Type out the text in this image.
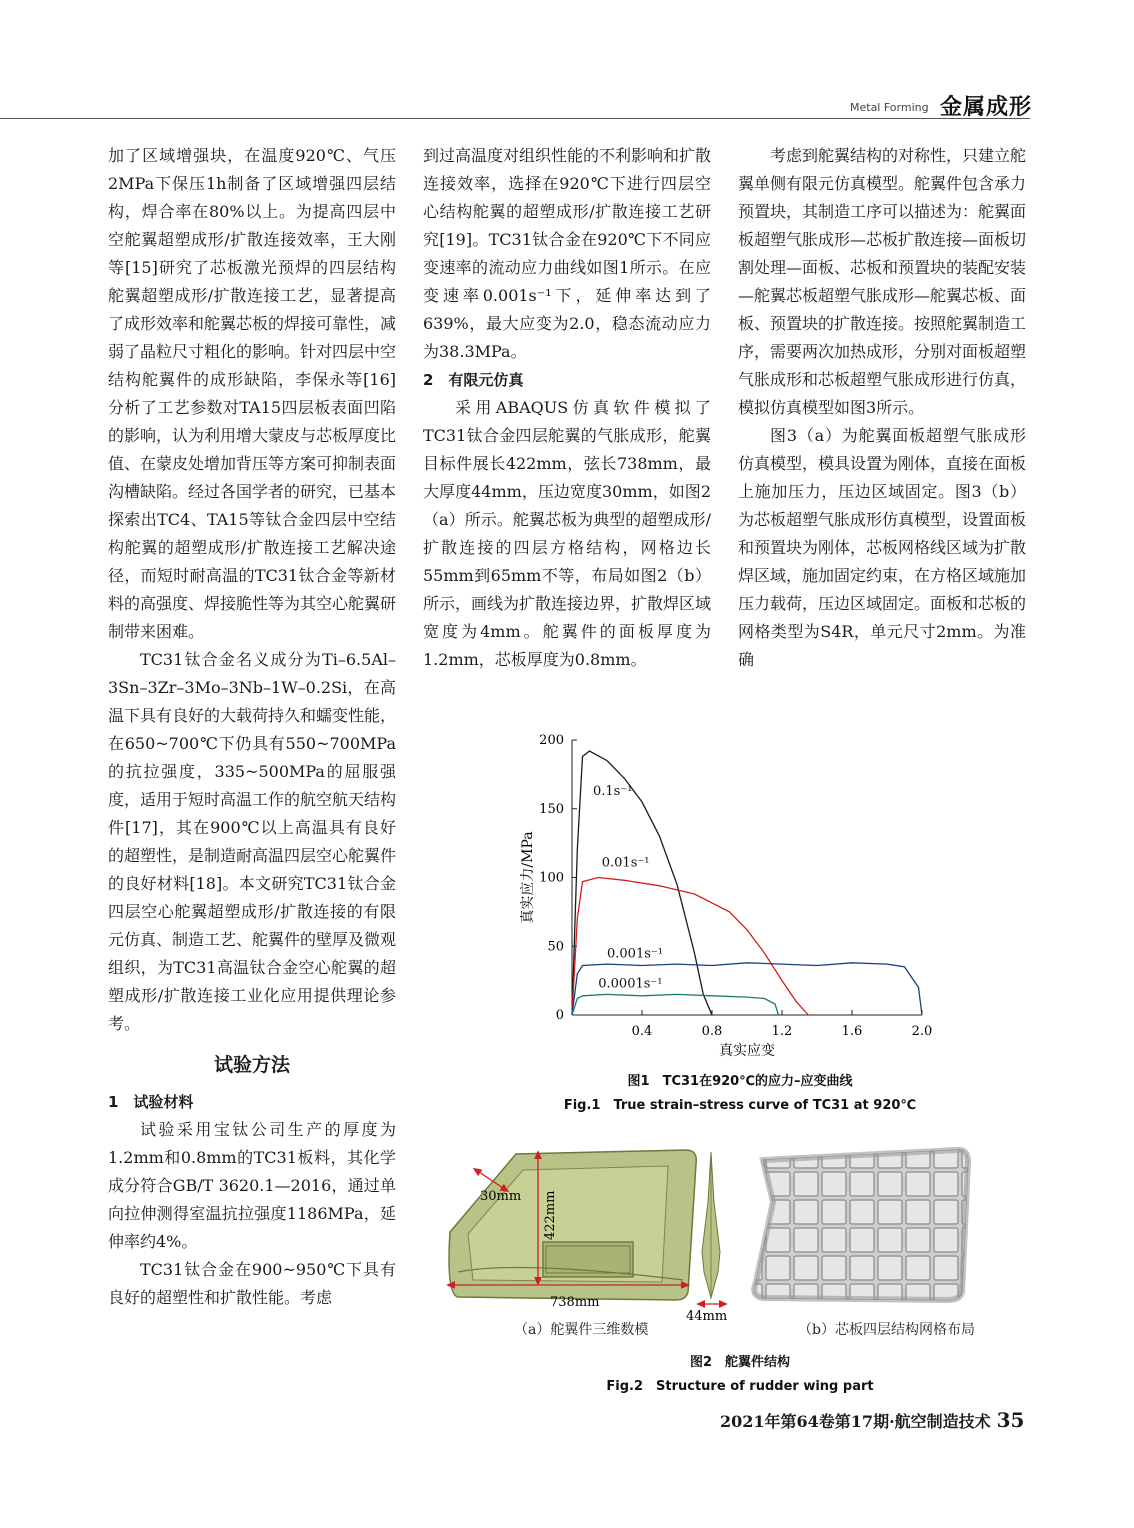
Metal Forming 金属成形

加了区域增强块，在温度920℃、气压2MPa下保压1h制备了区域增强四层结构，焊合率在80%以上。为提高四层中空舵翼超塑成形/扩散连接效率，王大刚等[15]研究了芯板激光预焊的四层结构舵翼超塑成形/扩散连接工艺，显著提高了成形效率和舵翼芯板的焊接可靠性，减弱了晶粒尺寸粗化的影响。针对四层中空结构舵翼件的成形缺陷，李保永等[16]分析了工艺参数对TA15四层板表面凹陷的影响，认为利用增大蒙皮与芯板厚度比值、在蒙皮处增加背压等方案可抑制表面沟槽缺陷。经过各国学者的研究，已基本探索出TC4、TA15等钛合金四层中空结构舵翼的超塑成形/扩散连接工艺解决途径，而短时耐高温的TC31钛合金等新材料的高强度、焊接脆性等为其空心舵翼研制带来困难。

TC31钛合金名义成分为Ti–6.5Al–3Sn–3Zr–3Mo–3Nb–1W–0.2Si，在高温下具有良好的大载荷持久和蠕变性能，在650~700℃下仍具有550~700MPa的抗拉强度，335~500MPa的屈服强度，适用于短时高温工作的航空航天结构件[17]，其在900℃以上高温具有良好的超塑性，是制造耐高温四层空心舵翼件的良好材料[18]。本文研究TC31钛合金四层空心舵翼超塑成形/扩散连接的有限元仿真、制造工艺、舵翼件的壁厚及微观组织，为TC31高温钛合金空心舵翼的超塑成形/扩散连接工业化应用提供理论参考。

试验方法
1　试验材料

试验采用宝钛公司生产的厚度为1.2mm和0.8mm的TC31板料，其化学成分符合GB/T 3620.1—2016，通过单向拉伸测得室温抗拉强度1186MPa，延伸率约4%。

TC31钛合金在900~950℃下具有良好的超塑性和扩散性能。考虑

到过高温度对组织性能的不利影响和扩散连接效率，选择在920℃下进行四层空心结构舵翼的超塑成形/扩散连接工艺研究[19]。TC31钛合金在920℃下不同应变速率的流动应力曲线如图1所示。在应变速率0.001s⁻¹下，延伸率达到了639%，最大应变为2.0，稳态流动应力为38.3MPa。

2　有限元仿真

采用ABAQUS仿真软件模拟了TC31钛合金四层舵翼的气胀成形，舵翼目标件展长422mm，弦长738mm，最大厚度44mm，压边宽度30mm，如图2（a）所示。舵翼芯板为典型的超塑成形/扩散连接的四层方格结构，网格边长55mm到65mm不等，布局如图2（b）所示，画线为扩散连接边界，扩散焊区域宽度为4mm。舵翼件的面板厚度为1.2mm，芯板厚度为0.8mm。

考虑到舵翼结构的对称性，只建立舵翼单侧有限元仿真模型。舵翼件包含承力预置块，其制造工序可以描述为：舵翼面板超塑气胀成形—芯板扩散连接—面板切割处理—面板、芯板和预置块的装配安装—舵翼芯板超塑气胀成形—舵翼芯板、面板、预置块的扩散连接。按照舵翼制造工序，需要两次加热成形，分别对面板超塑气胀成形和芯板超塑气胀成形进行仿真，模拟仿真模型如图3所示。

图3（a）为舵翼面板超塑气胀成形仿真模型，模具设置为刚体，直接在面板上施加压力，压边区域固定。图3（b）为芯板超塑气胀成形仿真模型，设置面板和预置块为刚体，芯板网格线区域为扩散焊区域，施加固定约束，在方格区域施加压力载荷，压边区域固定。面板和芯板的网格类型为S4R，单元尺寸2mm。为准确

0.4	0.8	1.2	1.6	2.0
0
50
100
150
200
0.1s⁻¹
0.01s⁻¹
0.001s⁻¹
0.0001s⁻¹
真实应变
真实应力/MPa
图1　TC31在920℃的应力–应变曲线
Fig.1　True strain–stress curve of TC31 at 920℃
30mm 422mm
738mm
44mm
（a）舵翼件三维数模	（b）芯板四层结构网格布局
图2　舵翼件结构
Fig.2　Structure of rudder wing part
2021年第64卷第17期·航空制造技术 35
